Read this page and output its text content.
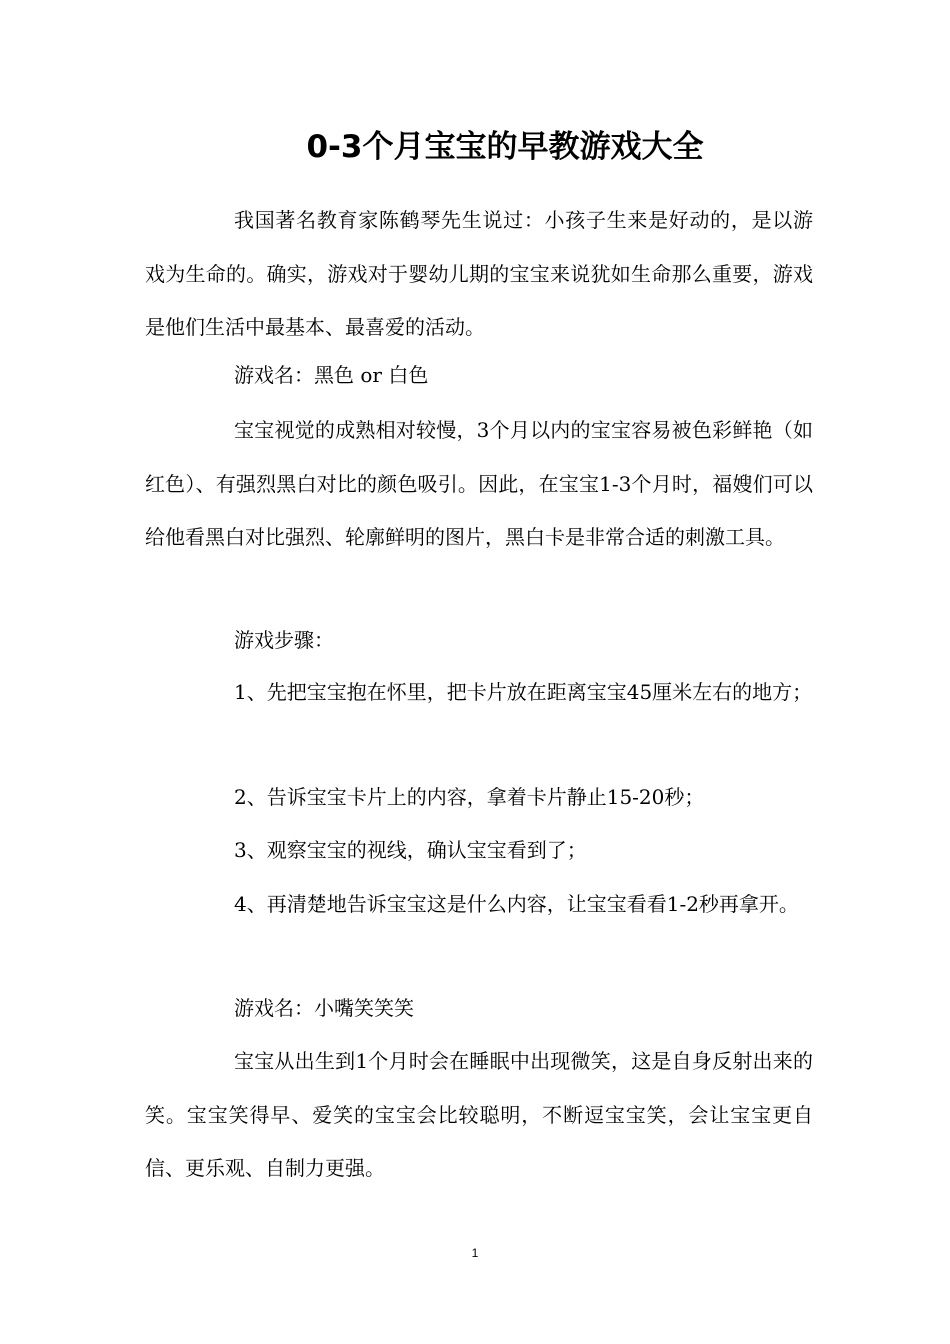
0-3个月宝宝的早教游戏大全

我国著名教育家陈鹤琴先生说过：小孩子生来是好动的，是以游戏为生命的。确实，游戏对于婴幼儿期的宝宝来说犹如生命那么重要，游戏是他们生活中最基本、最喜爱的活动。

游戏名：黑色 or 白色

宝宝视觉的成熟相对较慢，3个月以内的宝宝容易被色彩鲜艳（如红色）、有强烈黑白对比的颜色吸引。因此，在宝宝1-3个月时，福嫂们可以给他看黑白对比强烈、轮廓鲜明的图片，黑白卡是非常合适的刺激工具。

游戏步骤：

1、先把宝宝抱在怀里，把卡片放在距离宝宝45厘米左右的地方；

2、告诉宝宝卡片上的内容，拿着卡片静止15-20秒；

3、观察宝宝的视线，确认宝宝看到了；

4、再清楚地告诉宝宝这是什么内容，让宝宝看看1-2秒再拿开。

游戏名：小嘴笑笑笑

宝宝从出生到1个月时会在睡眠中出现微笑，这是自身反射出来的笑。宝宝笑得早、爱笑的宝宝会比较聪明，不断逗宝宝笑，会让宝宝更自信、更乐观、自制力更强。

1
